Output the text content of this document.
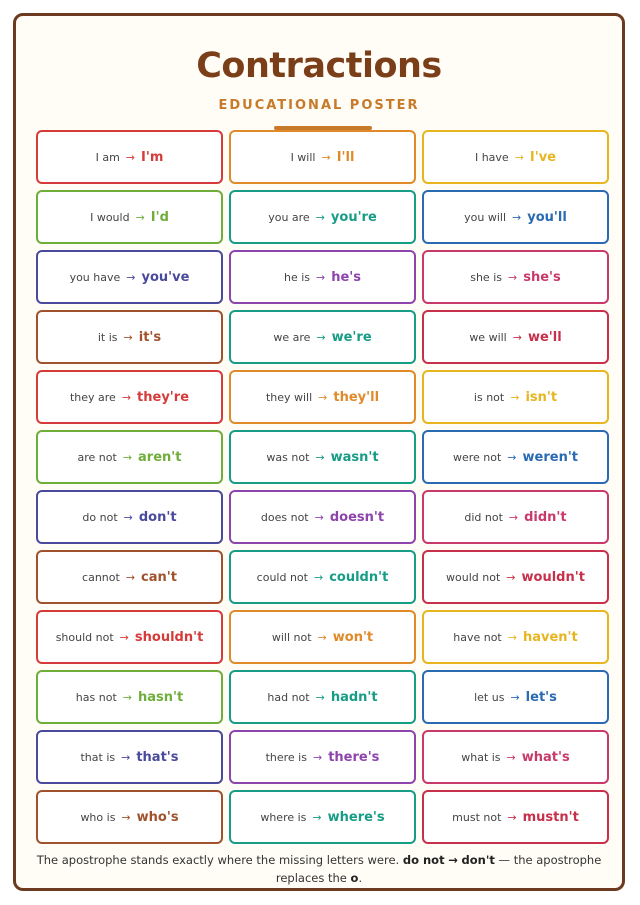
Contractions
EDUCATIONAL POSTER
I am → I'm	I will → I'll	I have → I've
I would → I'd	you are → you're	you will → you'll
you have → you've	he is → he's	she is → she's
it is → it's	we are → we're	we will → we'll
they are → they're	they will → they'll	is not → isn't
are not → aren't	was not → wasn't	were not → weren't
do not → don't	does not → doesn't	did not → didn't
cannot → can't	could not → couldn't	would not → wouldn't
should not → shouldn't	will not → won't	have not → haven't
has not → hasn't	had not → hadn't	let us → let's
that is → that's	there is → there's	what is → what's
who is → who's	where is → where's	must not → mustn't
The apostrophe stands exactly where the missing letters were. do not → don't — the apostrophe replaces the o.
